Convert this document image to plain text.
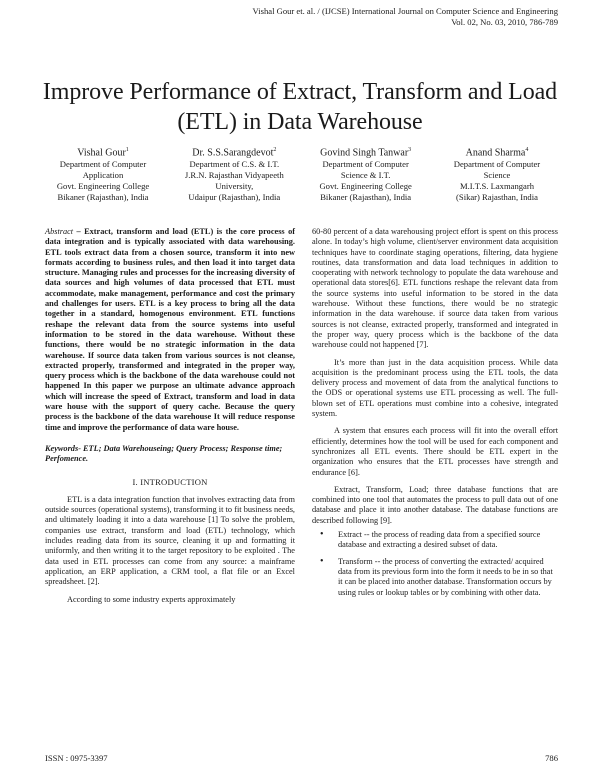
Vishal Gour et. al. / (IJCSE) International Journal on Computer Science and Engineering
Vol. 02, No. 03, 2010, 786-789
Improve Performance of Extract, Transform and Load
(ETL) in Data Warehouse
Vishal Gour$^1$
Department of Computer
Application
Govt. Engineering College
Bikaner (Rajasthan), India
Dr. S.S.Sarangdevot$^2$
Department of C.S. & I.T.
J.R.N. Rajasthan Vidyapeeth
University,
Udaipur (Rajasthan), India
Govind Singh Tanwar$^3$
Department of Computer
Science & I.T.
Govt. Engineering College
Bikaner (Rajasthan), India
Anand Sharma$^4$
Department of Computer
Science
M.I.T.S. Laxmangarh
(Sikar) Rajasthan, India

Abstract – Extract, transform and load (ETL) is the core process of data integration and is typically associated with data warehousing. ETL tools extract data from a chosen source, transform it into new formats according to business rules, and then load it into target data structure. Managing rules and processes for the increasing diversity of data sources and high volumes of data processed that ETL must accommodate, make management, performance and cost the primary and challenges for users. ETL is a key process to bring all the data together in a standard, homogenous environment. ETL functions reshape the relevant data from the source systems into useful information to be stored in the data warehouse. Without these functions, there would be no strategic information in the data warehouse. If source data taken from various sources is not cleanse, extracted properly, transformed and integrated in the proper way, query process which is the backbone of the data warehouse could not happened In this paper we purpose an ultimate advance approach which will increase the speed of Extract, transform and load in data ware house with the support of query cache. Because the query process is the backbone of the data warehouse It will reduce response time and improve the performance of data ware house.

Keywords- ETL; Data Warehouseing; Query Process; Response time; Perfomence.
I. INTRODUCTION

ETL is a data integration function that involves extracting data from outside sources (operational systems), transforming it to fit business needs, and ultimately loading it into a data warehouse [1] To solve the problem, companies use extract, transform and load (ETL) technology, which includes reading data from its source, cleaning it up and formatting it uniformly, and then writing it to the target repository to be exploited . The data used in ETL processes can come from any source: a mainframe application, an ERP application, a CRM tool, a flat file or an Excel spreadsheet. [2].

According to some industry experts approximately

60-80 percent of a data warehousing project effort is spent on this process alone. In today’s high volume, client/server environment data acquisition techniques have to coordinate staging operations, filtering, data hygiene routines, data transformation and data load techniques in addition to cooperating with network technology to populate the data warehouse and operational data stores[6]. ETL functions reshape the relevant data from the source systems into useful information to be stored in the data warehouse. Without these functions, there would be no strategic information in the data warehouse. if source data taken from various sources is not cleanse, extracted properly, transformed and integrated in the proper way, query process which is the backbone of the data warehouse could not happened [7].

It’s more than just in the data acquisition process. While data acquisition is the predominant process using the ETL tools, the data delivery process and movement of data from the analytical functions to the ODS or operational systems use ETL processing as well. The full-blown set of ETL operations must combine into a cohesive, integrated system.

A system that ensures each process will fit into the overall effort efficiently, determines how the tool will be used for each component and synchronizes all ETL events. There should be ETL expert in the organization who ensures that the ETL processes have strength and endurance [6].

Extract, Transform, Load; three database functions that are combined into one tool that automates the process to pull data out of one database and place it into another database. The database functions are described following [9].

• Extract -- the process of reading data from a specified source database and extracting a desired subset of data.
• Transform -- the process of converting the extracted/ acquired data from its previous form into the form it needs to be in so that it can be placed into another database. Transformation occurs by using rules or lookup tables or by combining with other data.
ISSN : 0975-3397	786
